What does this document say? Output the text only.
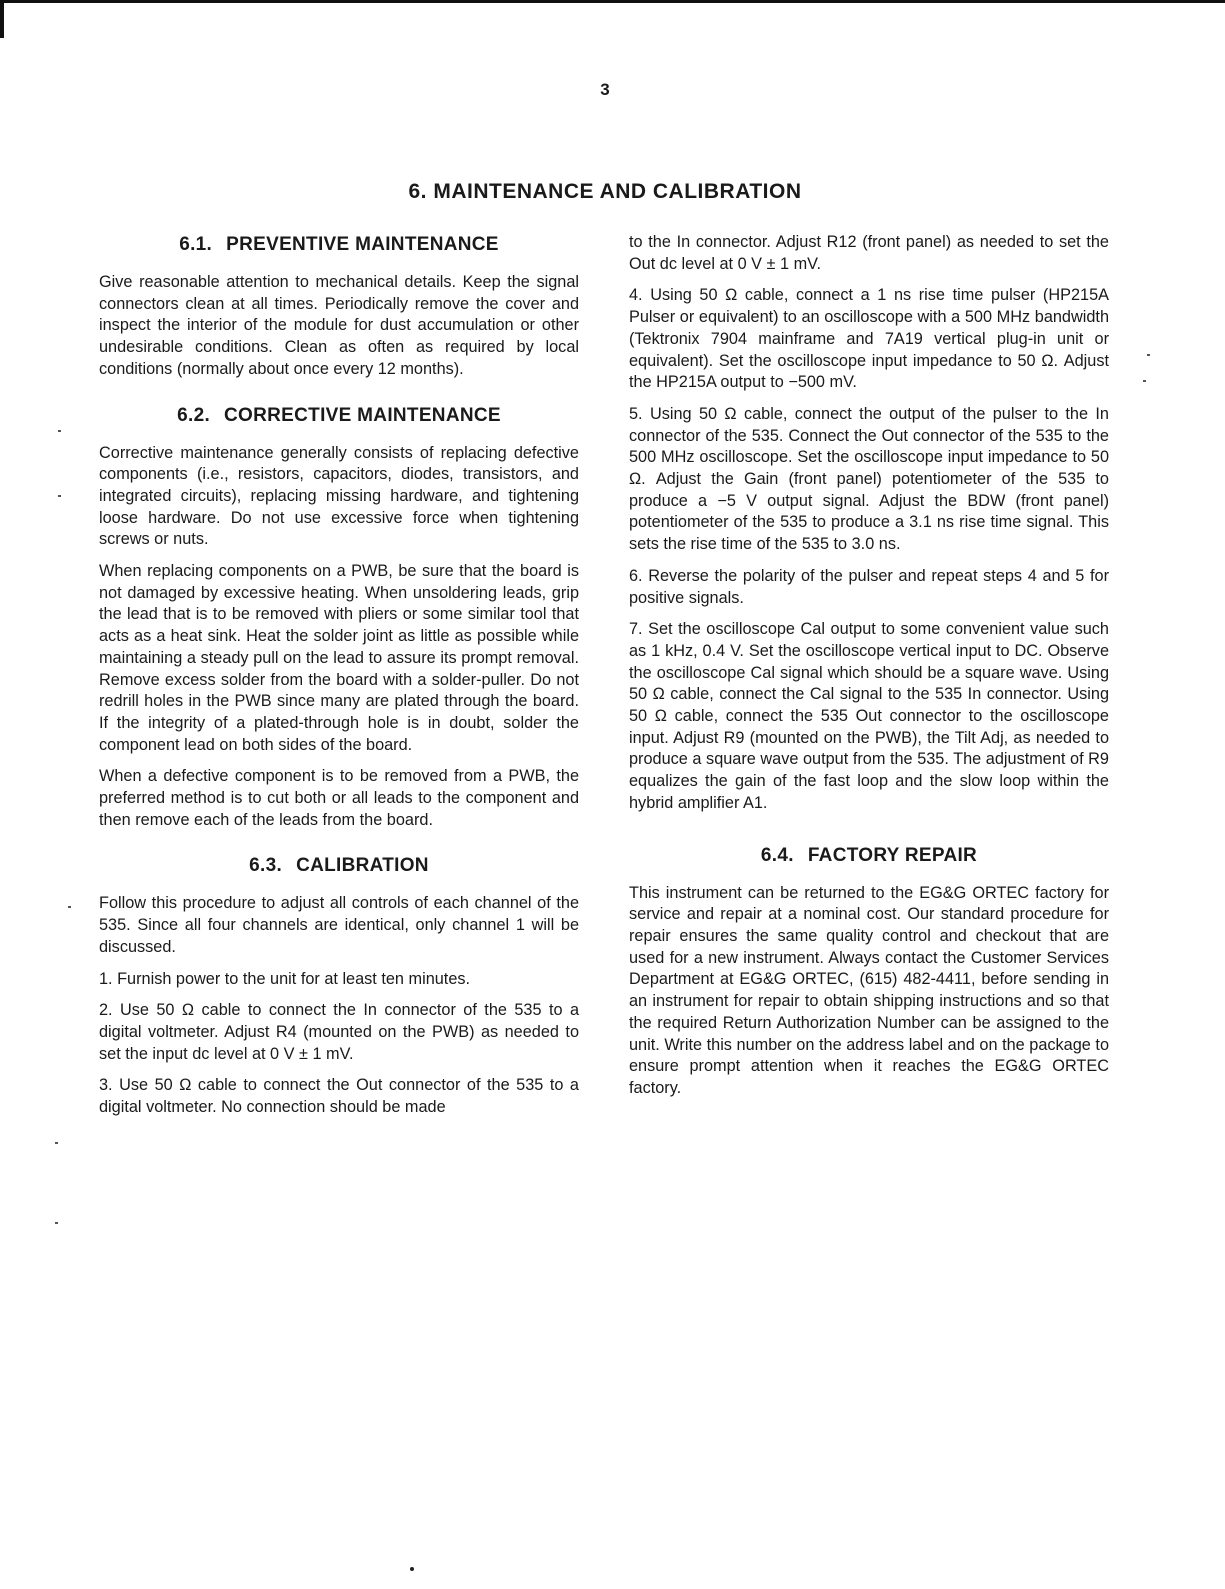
3
6. MAINTENANCE AND CALIBRATION
6.1. PREVENTIVE MAINTENANCE

Give reasonable attention to mechanical details. Keep the signal connectors clean at all times. Periodically remove the cover and inspect the interior of the module for dust accumulation or other undesirable conditions. Clean as often as required by local conditions (normally about once every 12 months).

6.2. CORRECTIVE MAINTENANCE

Corrective maintenance generally consists of replacing defective components (i.e., resistors, capacitors, diodes, transistors, and integrated circuits), replacing missing hardware, and tightening loose hardware. Do not use excessive force when tightening screws or nuts.

When replacing components on a PWB, be sure that the board is not damaged by excessive heating. When unsoldering leads, grip the lead that is to be removed with pliers or some similar tool that acts as a heat sink. Heat the solder joint as little as possible while maintaining a steady pull on the lead to assure its prompt removal. Remove excess solder from the board with a solder-puller. Do not redrill holes in the PWB since many are plated through the board. If the integrity of a plated-through hole is in doubt, solder the component lead on both sides of the board.

When a defective component is to be removed from a PWB, the preferred method is to cut both or all leads to the component and then remove each of the leads from the board.

6.3. CALIBRATION

Follow this procedure to adjust all controls of each channel of the 535. Since all four channels are identical, only channel 1 will be discussed.

1. Furnish power to the unit for at least ten minutes.

2. Use 50 Ω cable to connect the In connector of the 535 to a digital voltmeter. Adjust R4 (mounted on the PWB) as needed to set the input dc level at 0 V ± 1 mV.

3. Use 50 Ω cable to connect the Out connector of the 535 to a digital voltmeter. No connection should be made

to the In connector. Adjust R12 (front panel) as needed to set the Out dc level at 0 V ± 1 mV.

4. Using 50 Ω cable, connect a 1 ns rise time pulser (HP215A Pulser or equivalent) to an oscilloscope with a 500 MHz bandwidth (Tektronix 7904 mainframe and 7A19 vertical plug-in unit or equivalent). Set the oscilloscope input impedance to 50 Ω. Adjust the HP215A output to −500 mV.

5. Using 50 Ω cable, connect the output of the pulser to the In connector of the 535. Connect the Out connector of the 535 to the 500 MHz oscilloscope. Set the oscilloscope input impedance to 50 Ω. Adjust the Gain (front panel) potentiometer of the 535 to produce a −5 V output signal. Adjust the BDW (front panel) potentiometer of the 535 to produce a 3.1 ns rise time signal. This sets the rise time of the 535 to 3.0 ns.

6. Reverse the polarity of the pulser and repeat steps 4 and 5 for positive signals.

7. Set the oscilloscope Cal output to some convenient value such as 1 kHz, 0.4 V. Set the oscilloscope vertical input to DC. Observe the oscilloscope Cal signal which should be a square wave. Using 50 Ω cable, connect the Cal signal to the 535 In connector. Using 50 Ω cable, connect the 535 Out connector to the oscilloscope input. Adjust R9 (mounted on the PWB), the Tilt Adj, as needed to produce a square wave output from the 535. The adjustment of R9 equalizes the gain of the fast loop and the slow loop within the hybrid amplifier A1.

6.4. FACTORY REPAIR

This instrument can be returned to the EG&G ORTEC factory for service and repair at a nominal cost. Our standard procedure for repair ensures the same quality control and checkout that are used for a new instrument. Always contact the Customer Services Department at EG&G ORTEC, (615) 482-4411, before sending in an instrument for repair to obtain shipping instructions and so that the required Return Authorization Number can be assigned to the unit. Write this number on the address label and on the package to ensure prompt attention when it reaches the EG&G ORTEC factory.
